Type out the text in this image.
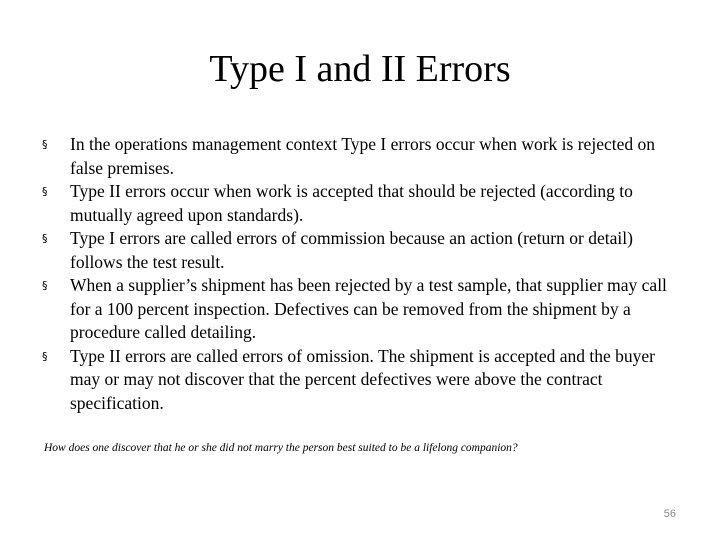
Type I and II Errors
§	In the operations management context Type I errors occur when work is rejected on false premises.
§	Type II errors occur when work is accepted that should be rejected (according to mutually agreed upon standards).
§	Type I errors are called errors of commission because an action (return or detail) follows the test result.
§	When a supplier’s shipment has been rejected by a test sample, that supplier may call for a 100 percent inspection. Defectives can be removed from the shipment by a procedure called detailing.
§	Type II errors are called errors of omission. The shipment is accepted and the buyer may or may not discover that the percent defectives were above the contract specification.
How does one discover that he or she did not marry the person best suited to be a lifelong companion?
56
